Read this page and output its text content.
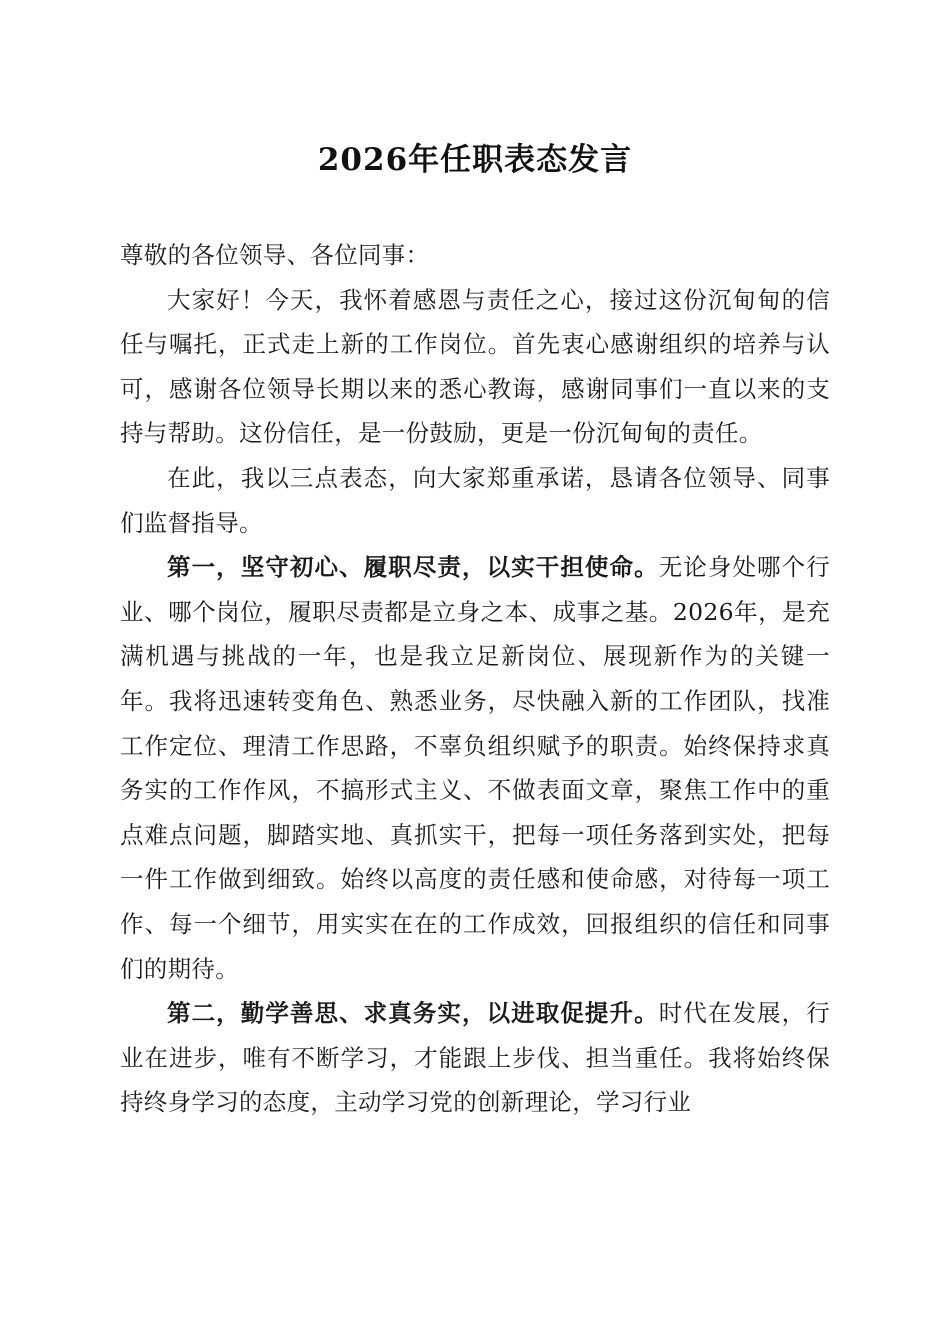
2026年任职表态发言

尊敬的各位领导、各位同事：

大家好！今天，我怀着感恩与责任之心，接过这份沉甸甸的信任与嘱托，正式走上新的工作岗位。首先衷心感谢组织的培养与认可，感谢各位领导长期以来的悉心教诲，感谢同事们一直以来的支持与帮助。这份信任，是一份鼓励，更是一份沉甸甸的责任。

在此，我以三点表态，向大家郑重承诺，恳请各位领导、同事们监督指导。

第一，坚守初心、履职尽责，以实干担使命。无论身处哪个行业、哪个岗位，履职尽责都是立身之本、成事之基。2026年，是充满机遇与挑战的一年，也是我立足新岗位、展现新作为的关键一年。我将迅速转变角色、熟悉业务，尽快融入新的工作团队，找准工作定位、理清工作思路，不辜负组织赋予的职责。始终保持求真务实的工作作风，不搞形式主义、不做表面文章，聚焦工作中的重点难点问题，脚踏实地、真抓实干，把每一项任务落到实处，把每一件工作做到细致。始终以高度的责任感和使命感，对待每一项工作、每一个细节，用实实在在的工作成效，回报组织的信任和同事们的期待。

第二，勤学善思、求真务实，以进取促提升。时代在发展，行业在进步，唯有不断学习，才能跟上步伐、担当重任。我将始终保持终身学习的态度，主动学习党的创新理论，学习行业
